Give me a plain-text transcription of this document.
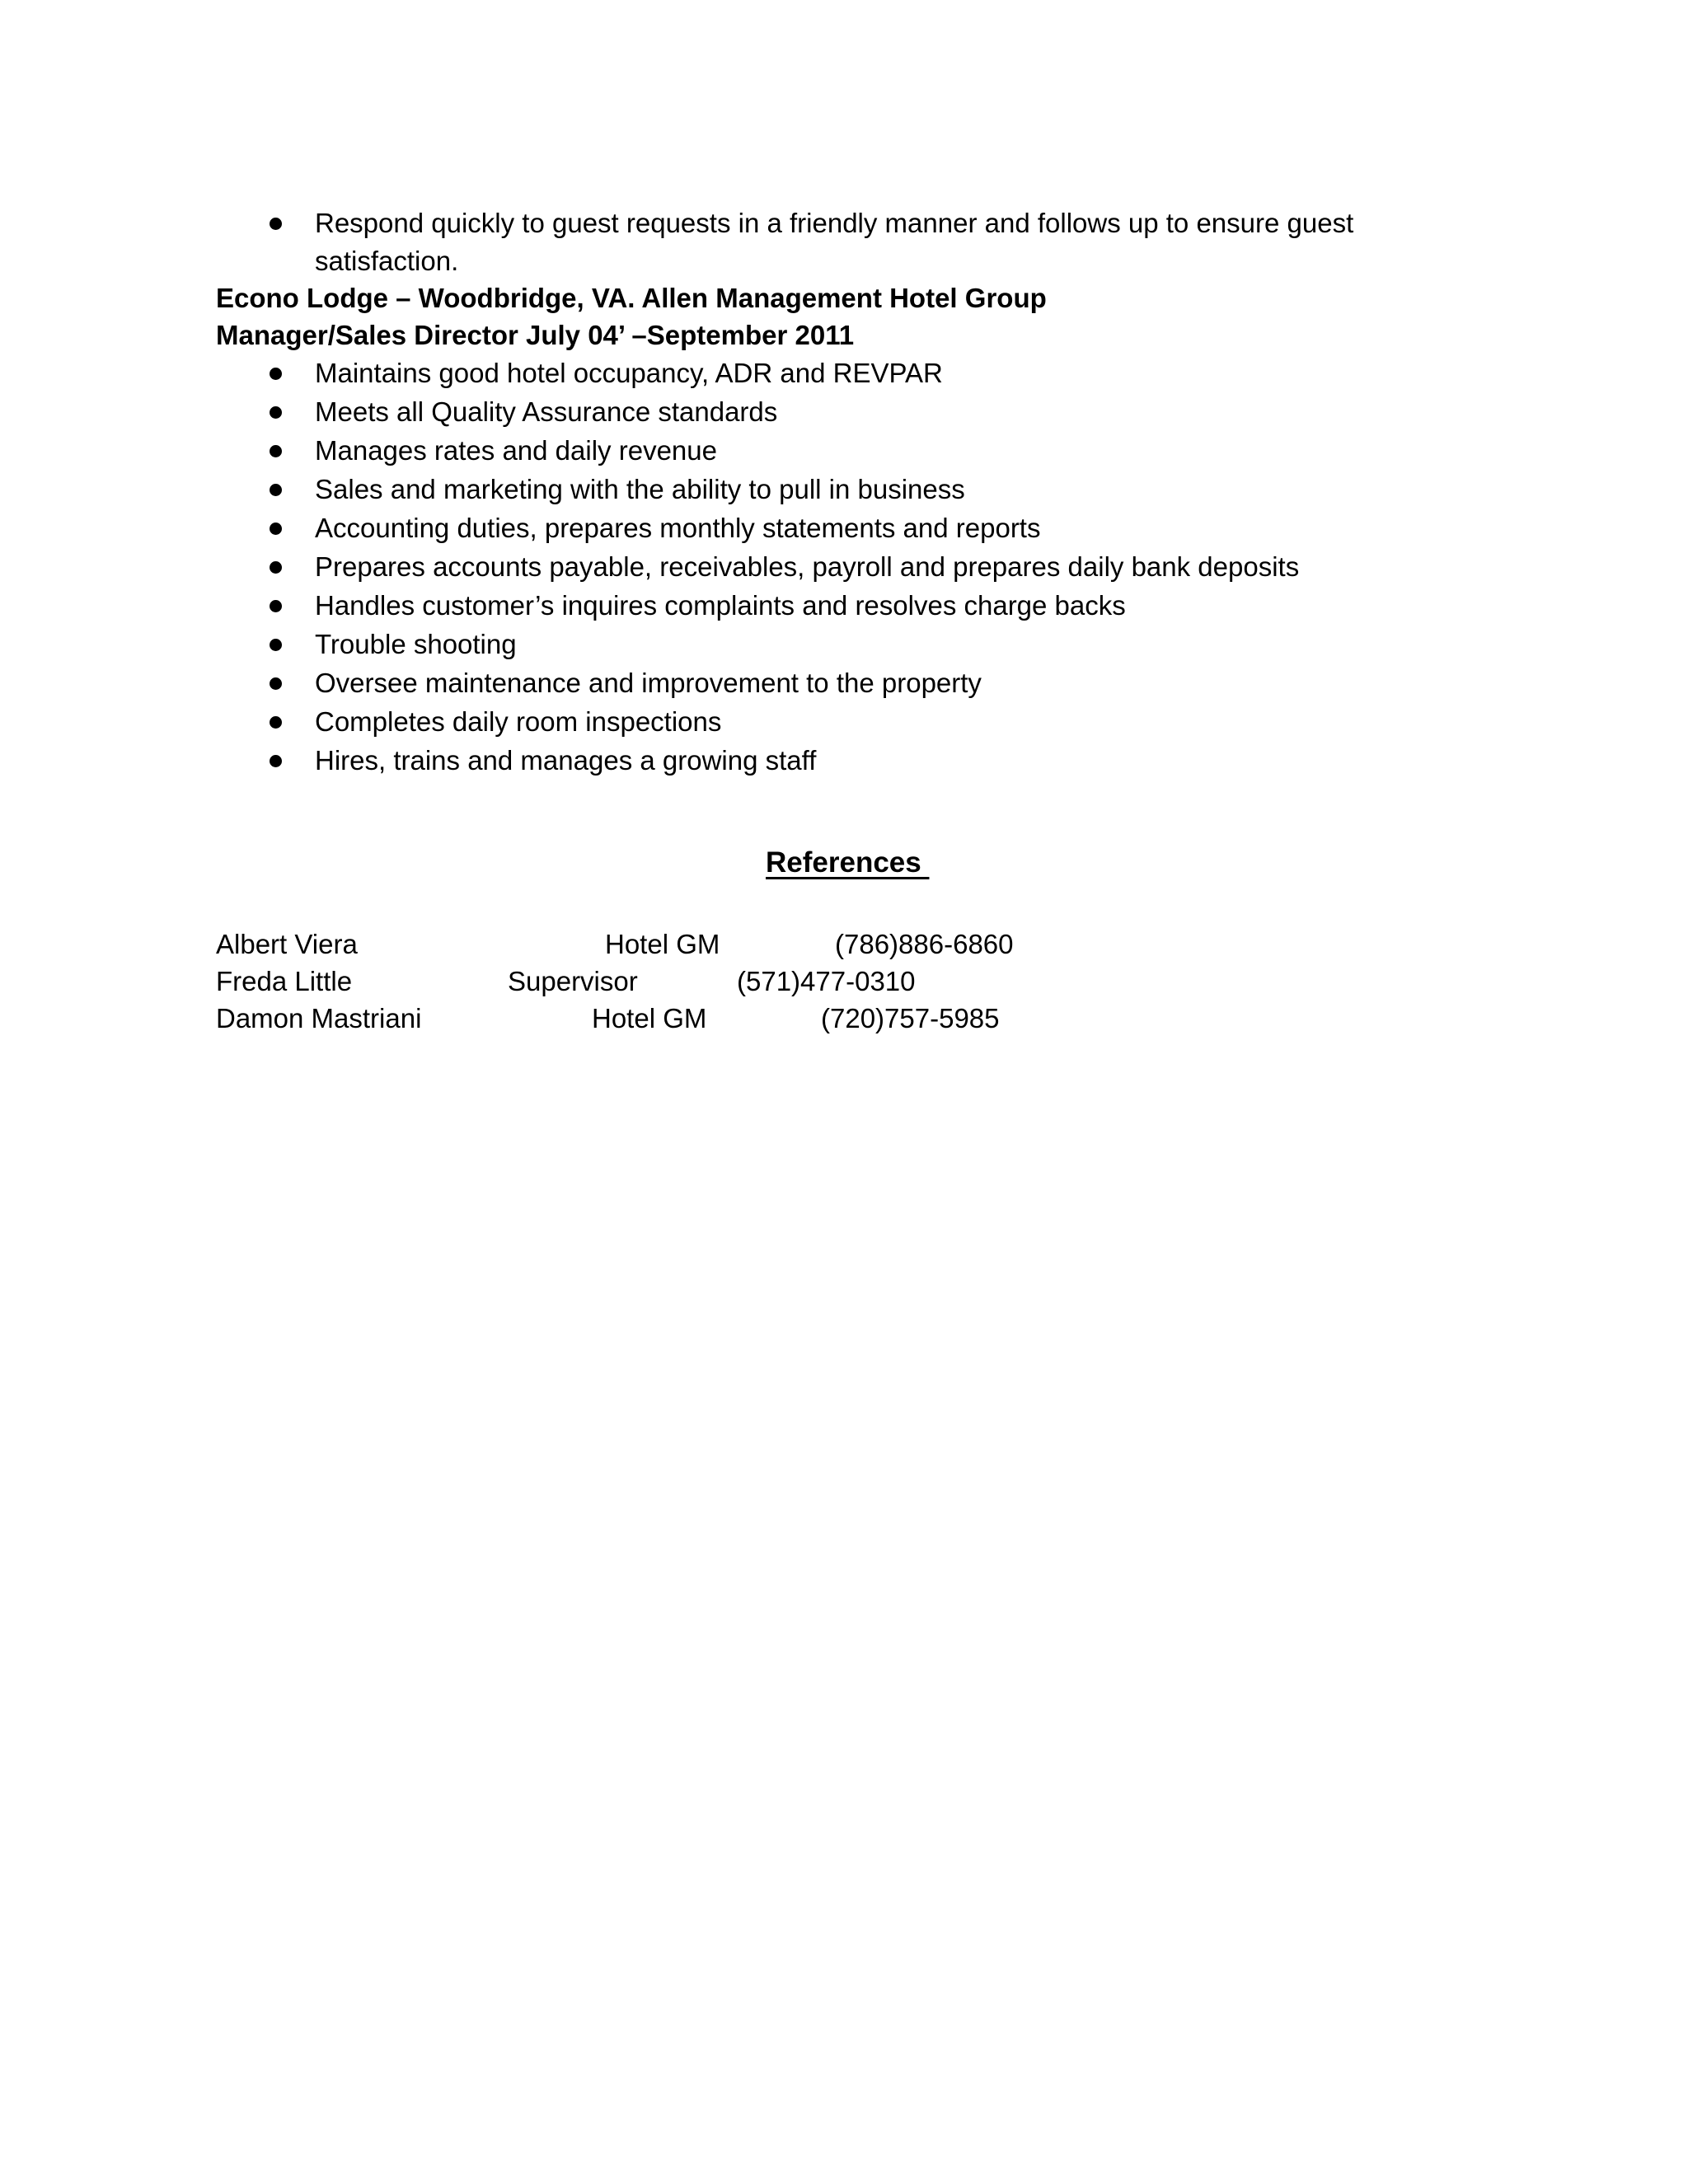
Respond quickly to guest requests in a friendly manner and follows up to ensure guest
satisfaction.
Econo Lodge – Woodbridge, VA. Allen Management Hotel Group
Manager/Sales Director July 04’ –September 2011
Maintains good hotel occupancy, ADR and REVPAR
Meets all Quality Assurance standards
Manages rates and daily revenue
Sales and marketing with the ability to pull in business
Accounting duties, prepares monthly statements and reports
Prepares accounts payable, receivables, payroll and prepares daily bank deposits
Handles customer’s inquires complaints and resolves charge backs
Trouble shooting
Oversee maintenance and improvement to the property
Completes daily room inspections
Hires, trains and manages a growing staff
References
Albert Viera	Hotel GM	(786)886-6860
Freda Little	Supervisor	(571)477-0310
Damon Mastriani	Hotel GM	(720)757-5985
